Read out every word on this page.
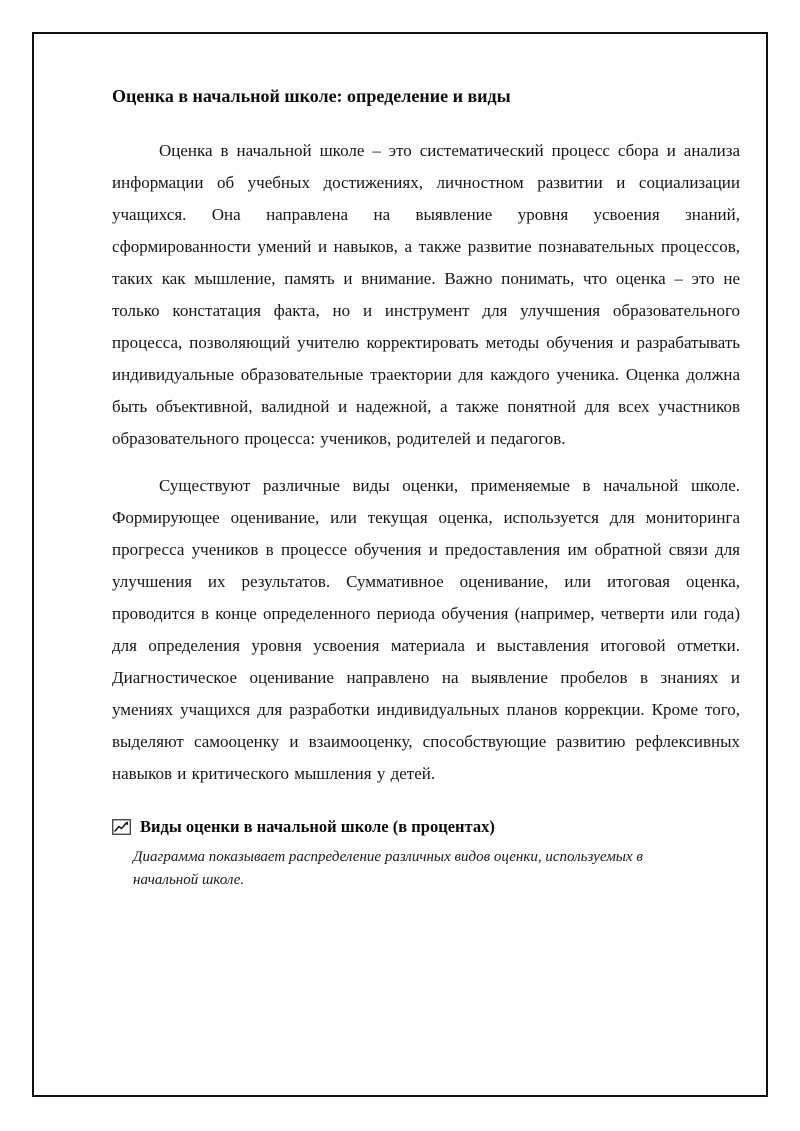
Оценка в начальной школе: определение и виды

Оценка в начальной школе – это систематический процесс сбора и анализа информации об учебных достижениях, личностном развитии и социализации учащихся. Она направлена на выявление уровня усвоения знаний, сформированности умений и навыков, а также развитие познавательных процессов, таких как мышление, память и внимание. Важно понимать, что оценка – это не только констатация факта, но и инструмент для улучшения образовательного процесса, позволяющий учителю корректировать методы обучения и разрабатывать индивидуальные образовательные траектории для каждого ученика. Оценка должна быть объективной, валидной и надежной, а также понятной для всех участников образовательного процесса: учеников, родителей и педагогов.

Существуют различные виды оценки, применяемые в начальной школе. Формирующее оценивание, или текущая оценка, используется для мониторинга прогресса учеников в процессе обучения и предоставления им обратной связи для улучшения их результатов. Суммативное оценивание, или итоговая оценка, проводится в конце определенного периода обучения (например, четверти или года) для определения уровня усвоения материала и выставления итоговой отметки. Диагностическое оценивание направлено на выявление пробелов в знаниях и умениях учащихся для разработки индивидуальных планов коррекции. Кроме того, выделяют самооценку и взаимооценку, способствующие развитию рефлексивных навыков и критического мышления у детей.

Виды оценки в начальной школе (в процентах)

Диаграмма показывает распределение различных видов оценки, используемых в начальной школе.
